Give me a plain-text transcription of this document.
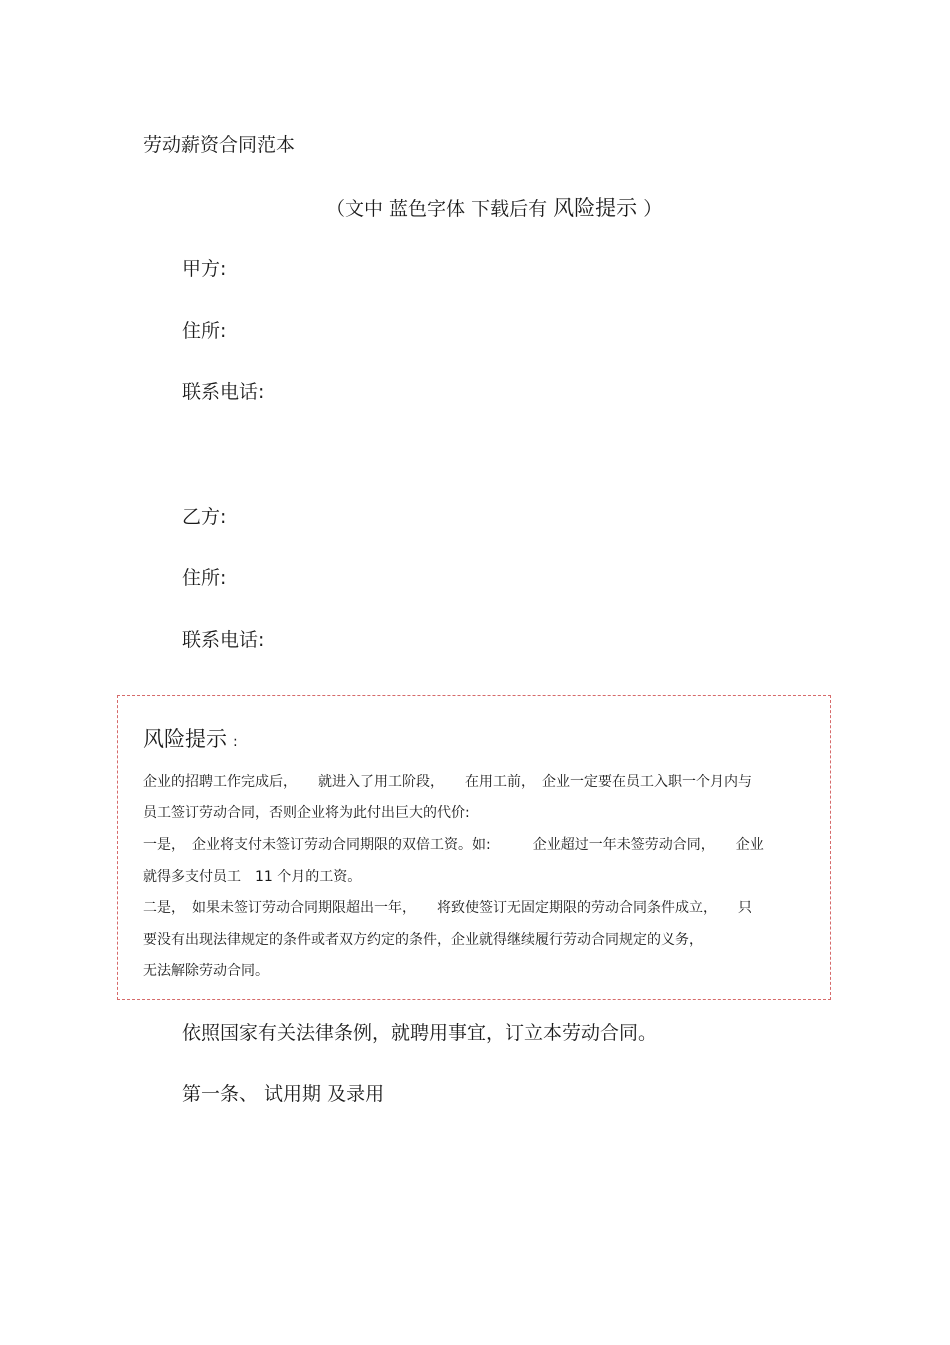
劳动薪资合同范本
（文中 蓝色字体 下载后有 风险提示 ）
甲方:
住所:
联系电话:
乙方:
住所:
联系电话:
风险提示 :
企业的招聘工作完成后，　　就进入了用工阶段，　　在用工前，　企业一定要在员工入职一个月内与
员工签订劳动合同，否则企业将为此付出巨大的代价:
一是，　企业将支付未签订劳动合同期限的双倍工资。如:　　　企业超过一年未签劳动合同，　　企业
就得多支付员工　11 个月的工资。
二是，　如果未签订劳动合同期限超出一年，　　将致使签订无固定期限的劳动合同条件成立，　　只
要没有出现法律规定的条件或者双方约定的条件，企业就得继续履行劳动合同规定的义务，
无法解除劳动合同。
依照国家有关法律条例，就聘用事宜，订立本劳动合同。
第一条、 试用期 及录用
